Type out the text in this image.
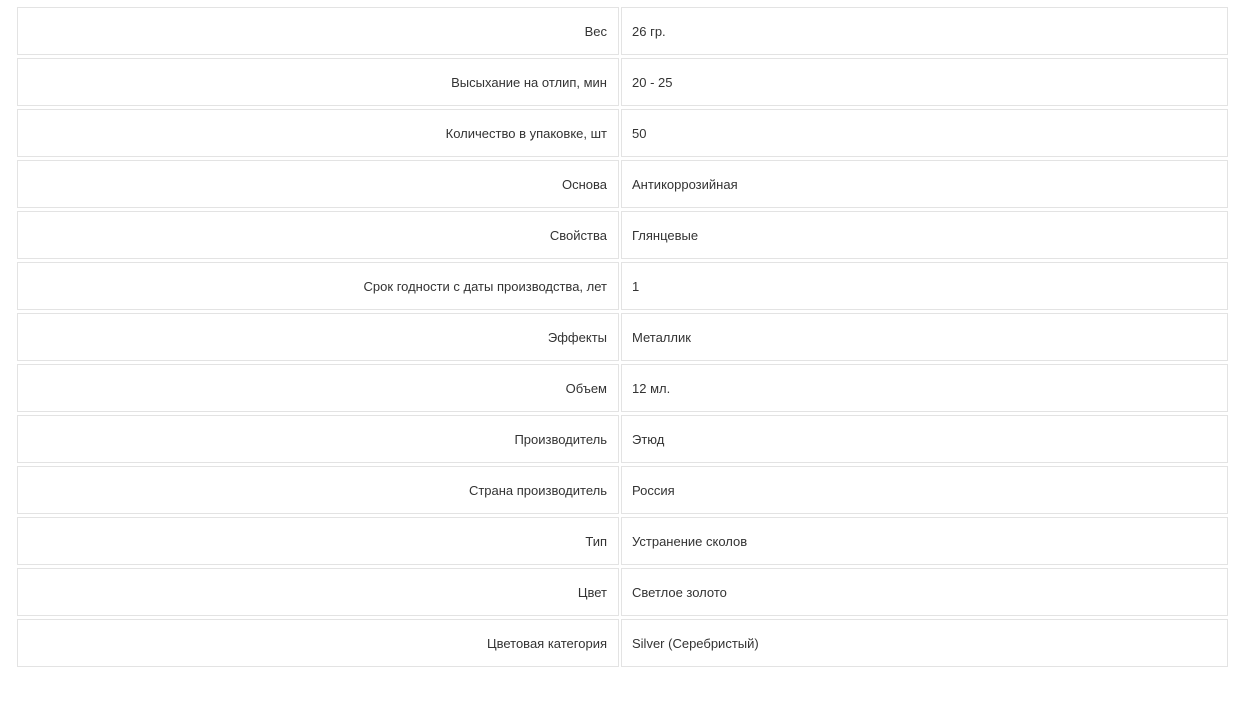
Вес	26 гр.
Высыхание на отлип, мин	20 - 25
Количество в упаковке, шт	50
Основа	Антикоррозийная
Свойства	Глянцевые
Срок годности с даты производства, лет	1
Эффекты	Металлик
Объем	12 мл.
Производитель	Этюд
Страна производитель	Россия
Тип	Устранение сколов
Цвет	Светлое золото
Цветовая категория	Silver (Серебристый)
